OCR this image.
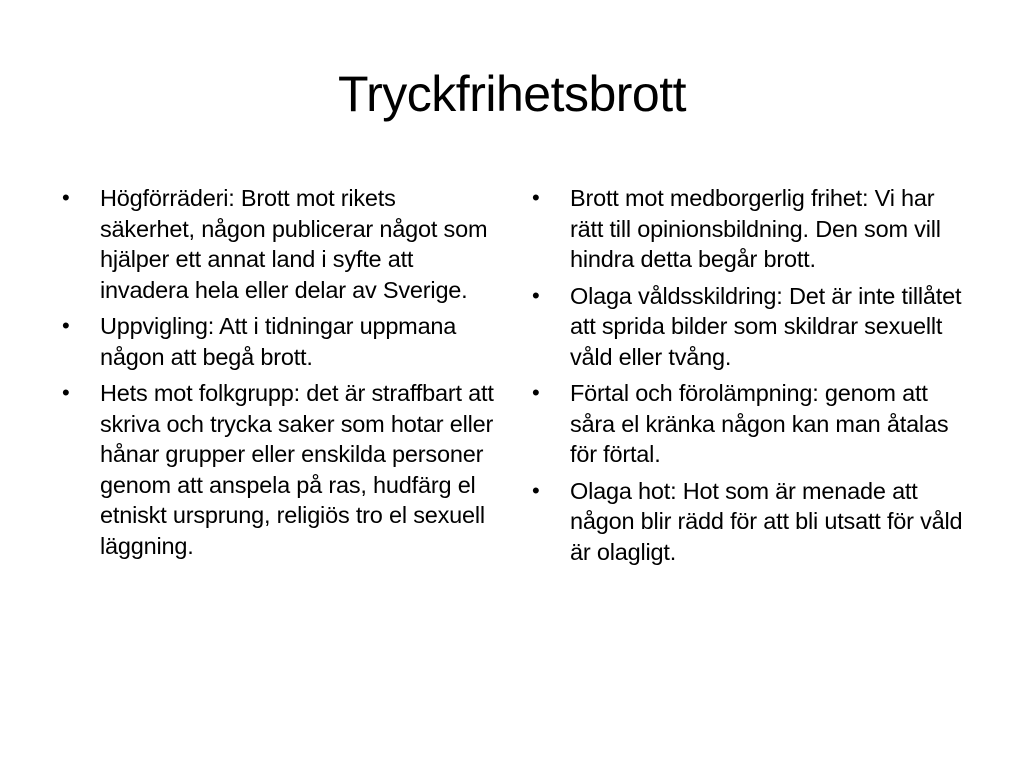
Tryckfrihetsbrott
• Högförräderi: Brott mot rikets säkerhet, någon publicerar något som hjälper ett annat land i syfte att invadera hela eller delar av Sverige.
• Uppvigling: Att i tidningar uppmana någon att begå brott.
• Hets mot folkgrupp: det är straffbart att skriva och trycka saker som hotar eller hånar grupper eller enskilda personer genom att anspela på ras, hudfärg el etniskt ursprung, religiös tro el sexuell läggning.
• Brott mot medborgerlig frihet: Vi har rätt till opinionsbildning. Den som vill hindra detta begår brott.
• Olaga våldsskildring: Det är inte tillåtet att sprida bilder som skildrar sexuellt våld eller tvång.
• Förtal och förolämpning: genom att såra el kränka någon kan man åtalas för förtal.
• Olaga hot: Hot som är menade att någon blir rädd för att bli utsatt för våld är olagligt.
